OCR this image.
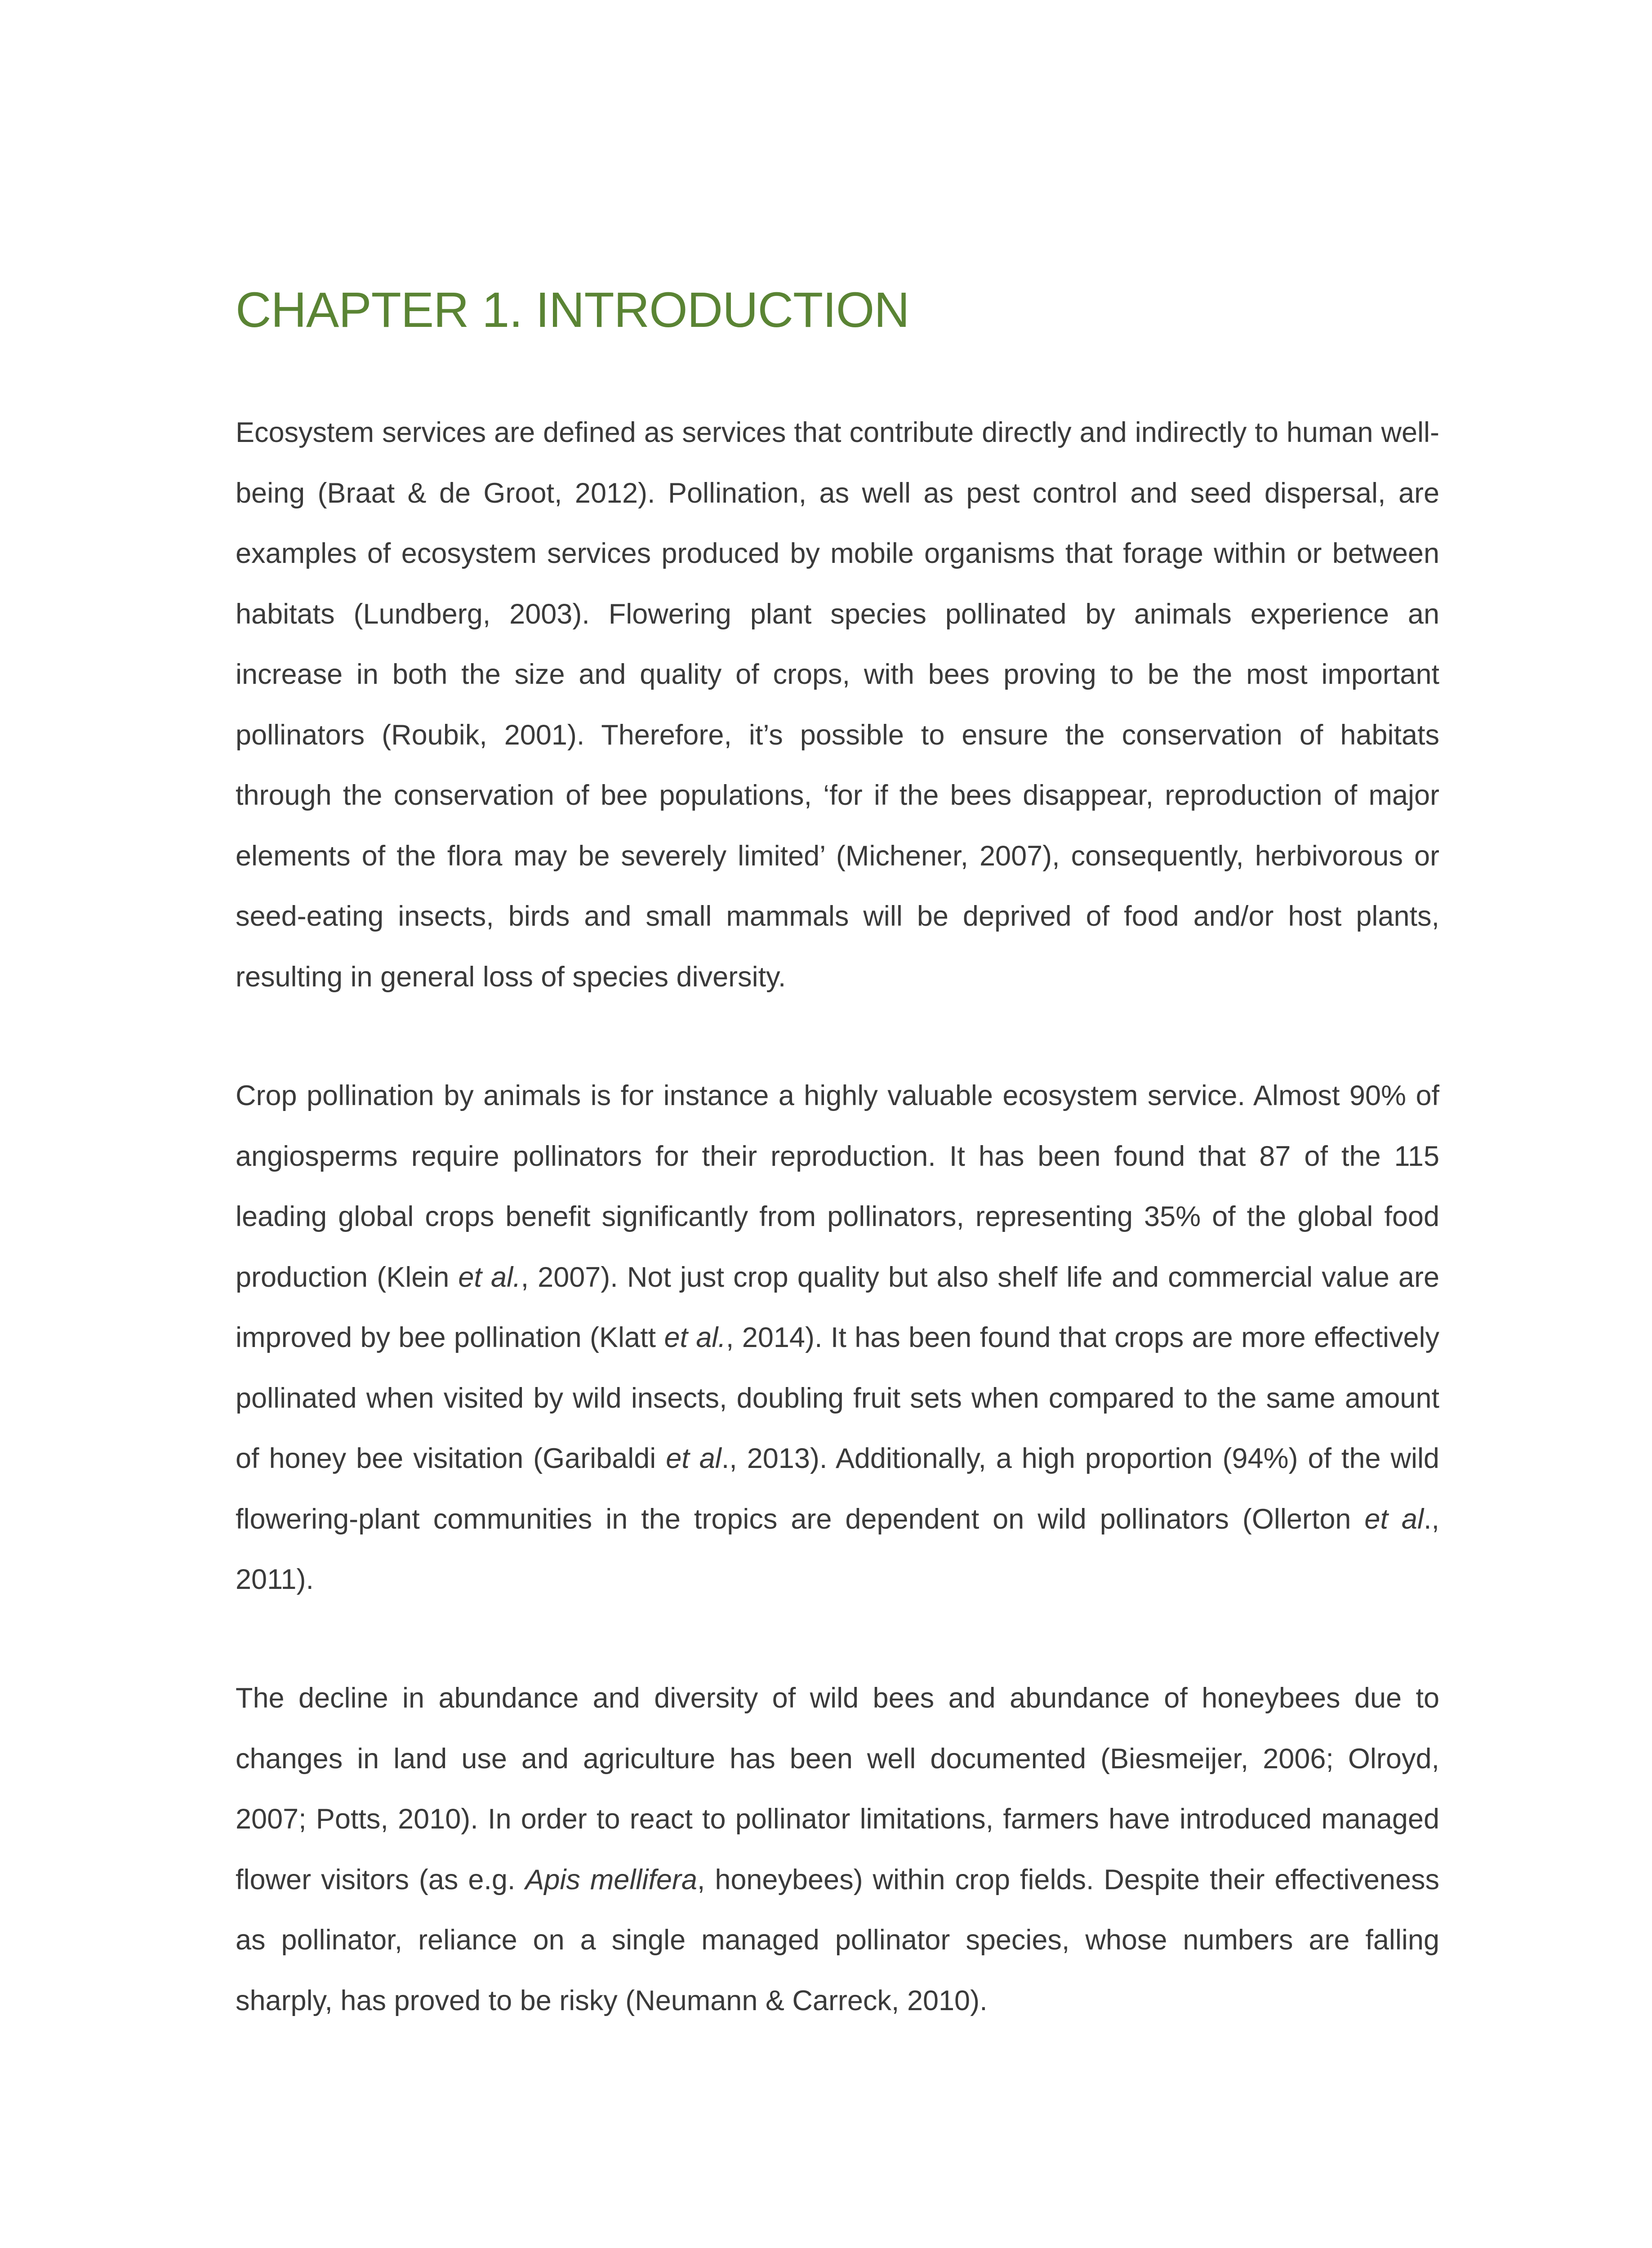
CHAPTER 1. INTRODUCTION

Ecosystem services are defined as services that contribute directly and indirectly to human well-being (Braat & de Groot, 2012). Pollination, as well as pest control and seed dispersal, are examples of ecosystem services produced by mobile organisms that forage within or between habitats (Lundberg, 2003). Flowering plant species pollinated by animals experience an increase in both the size and quality of crops, with bees proving to be the most important pollinators (Roubik, 2001). Therefore, it’s possible to ensure the conservation of habitats through the conservation of bee populations, ‘for if the bees disappear, reproduction of major elements of the flora may be severely limited’ (Michener, 2007), consequently, herbivorous or seed-eating insects, birds and small mammals will be deprived of food and/or host plants, resulting in general loss of species diversity.

Crop pollination by animals is for instance a highly valuable ecosystem service. Almost 90% of angiosperms require pollinators for their reproduction. It has been found that 87 of the 115 leading global crops benefit significantly from pollinators, representing 35% of the global food production (Klein et al., 2007). Not just crop quality but also shelf life and commercial value are improved by bee pollination (Klatt et al., 2014). It has been found that crops are more effectively pollinated when visited by wild insects, doubling fruit sets when compared to the same amount of honey bee visitation (Garibaldi et al., 2013). Additionally, a high proportion (94%) of the wild flowering-plant communities in the tropics are dependent on wild pollinators (Ollerton et al., 2011).

The decline in abundance and diversity of wild bees and abundance of honeybees due to changes in land use and agriculture has been well documented (Biesmeijer, 2006; Olroyd, 2007; Potts, 2010). In order to react to pollinator limitations, farmers have introduced managed flower visitors (as e.g. Apis mellifera, honeybees) within crop fields. Despite their effectiveness as pollinator, reliance on a single managed pollinator species, whose numbers are falling sharply, has proved to be risky (Neumann & Carreck, 2010).
